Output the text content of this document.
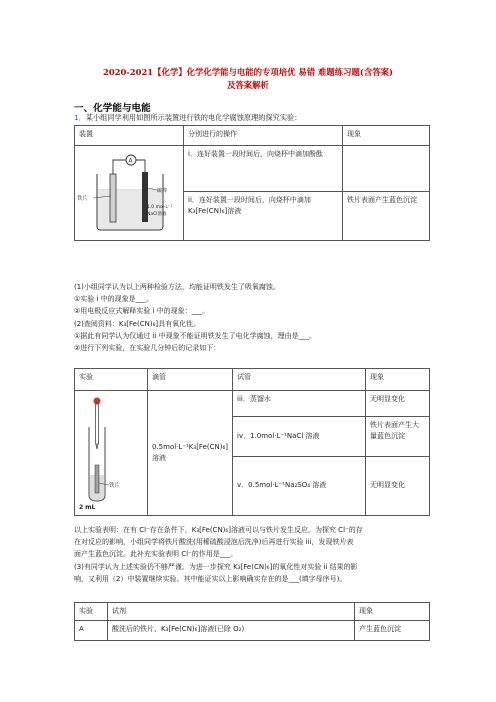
2020-2021【化学】化学化学能与电能的专项培优 易错 难题练习题(含答案)
及答案解析
一、化学能与电能
1．某小组同学利用如图所示装置进行铁的电化学腐蚀原理的探究实验：
装置	分别进行的操作	现象

A
铁片
碳棒
1.0 mol·L⁻¹
NaCl溶液	i．连好装置一段时间后，向烧杯中滴加酚酞	
	ii．连好装置一段时间后，向烧杯中滴加K₃[Fe(CN)₆]溶液	铁片表面产生蓝色沉淀
(1)小组同学认为以上两种检验方法，均能证明铁发生了吸氧腐蚀。
①实验 i 中的现象是___。
②用电极反应式解释实验 i 中的现象：___。
(2)查阅资料：K₃[Fe(CN)₆]具有氧化性。
①据此有同学认为仅通过 ii 中现象不能证明铁发生了电化学腐蚀，理由是___。
②进行下列实验，在实验几分钟后的记录如下：
实验	滴管	试管	现象

铁片
2 mL	0.5mol·L⁻¹K₃[Fe(CN)₆]溶液	iii．蒸馏水	无明显变化
		iv．1.0mol·L⁻¹NaCl 溶液	铁片表面产生大量蓝色沉淀
		v．0.5mol·L⁻¹Na₂SO₄ 溶液	无明显变化
以上实验表明：在有 Cl⁻存在条件下，K₃[Fe(CN)₆]溶液可以与铁片发生反应。为探究 Cl⁻的存
在对反应的影响，小组同学将铁片酸洗(用稀硫酸浸泡后洗净)后再进行实验 iii，发现铁片表
面产生蓝色沉淀。此补充实验表明 Cl⁻的作用是___。
(3)有同学认为上述实验仍不够严谨。为进一步探究 K₃[Fe(CN)₆]的氧化性对实验 ii 结果的影
响，又利用（2）中装置继续实验。其中能证实以上影响确实存在的是___(填字母序号)。
实验	试剂	现象
A	酸洗后的铁片、K₃[Fe(CN)₆]溶液(已除 O₂)	产生蓝色沉淀
